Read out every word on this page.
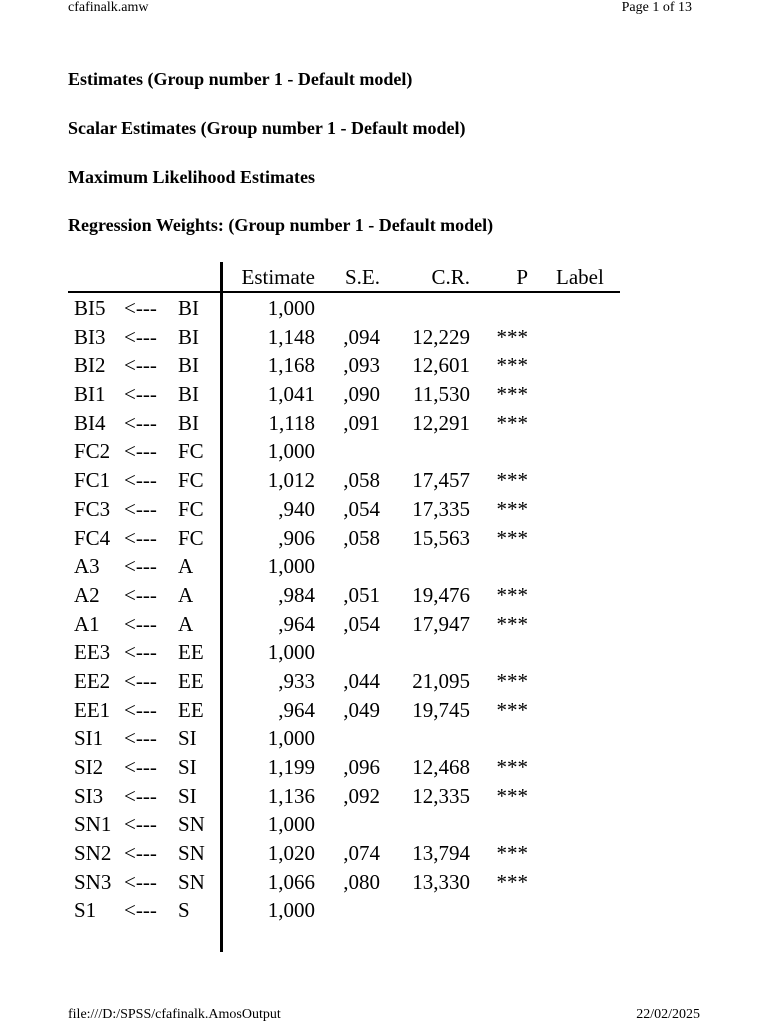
cfafinalk.amw	Page 1 of 13
Estimates (Group number 1 - Default model)
Scalar Estimates (Group number 1 - Default model)
Maximum Likelihood Estimates
Regression Weights: (Group number 1 - Default model)
Estimate S.E. C.R. P Label
BI5 <--- BI	1,000
BI3 <--- BI	1,148 ,094 12,229 ***
BI2 <--- BI	1,168 ,093 12,601 ***
BI1 <--- BI	1,041 ,090 11,530 ***
BI4 <--- BI	1,118 ,091 12,291 ***
FC2 <--- FC	1,000
FC1 <--- FC	1,012 ,058 17,457 ***
FC3 <--- FC	,940 ,054 17,335 ***
FC4 <--- FC	,906 ,058 15,563 ***
A3 <--- A	1,000
A2 <--- A	,984 ,051 19,476 ***
A1 <--- A	,964 ,054 17,947 ***
EE3 <--- EE	1,000
EE2 <--- EE	,933 ,044 21,095 ***
EE1 <--- EE	,964 ,049 19,745 ***
SI1 <--- SI	1,000
SI2 <--- SI	1,199 ,096 12,468 ***
SI3 <--- SI	1,136 ,092 12,335 ***
SN1 <--- SN	1,000
SN2 <--- SN	1,020 ,074 13,794 ***
SN3 <--- SN	1,066 ,080 13,330 ***
S1 <--- S	1,000
file:///D:/SPSS/cfafinalk.AmosOutput	22/02/2025
